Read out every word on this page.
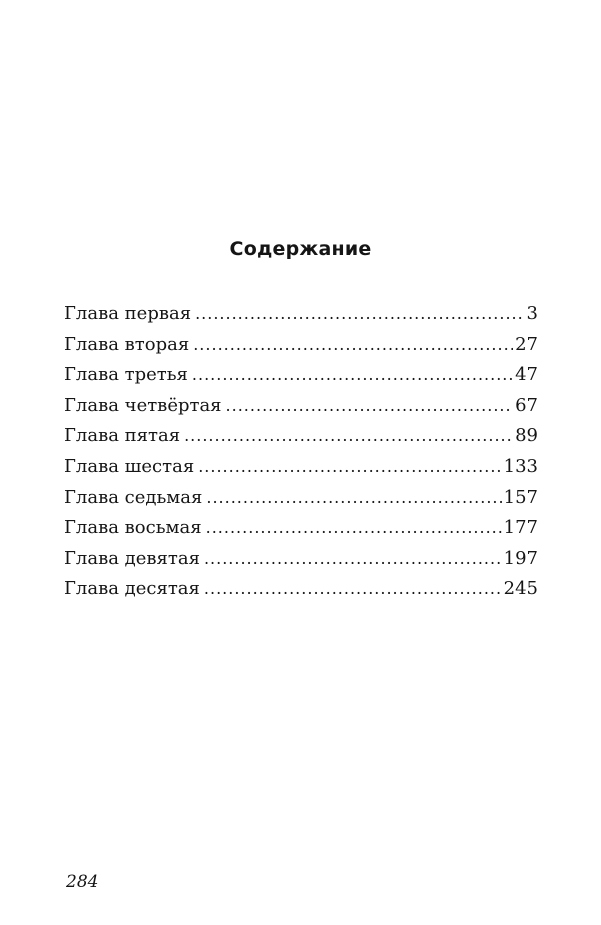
Содержание
Глава первая .....	3
Глава вторая .....	27
Глава третья .....	47
Глава четвёртая .....	67
Глава пятая .....	89
Глава шестая .....	133
Глава седьмая .....	157
Глава восьмая .....	177
Глава девятая .....	197
Глава десятая .....	245
284
